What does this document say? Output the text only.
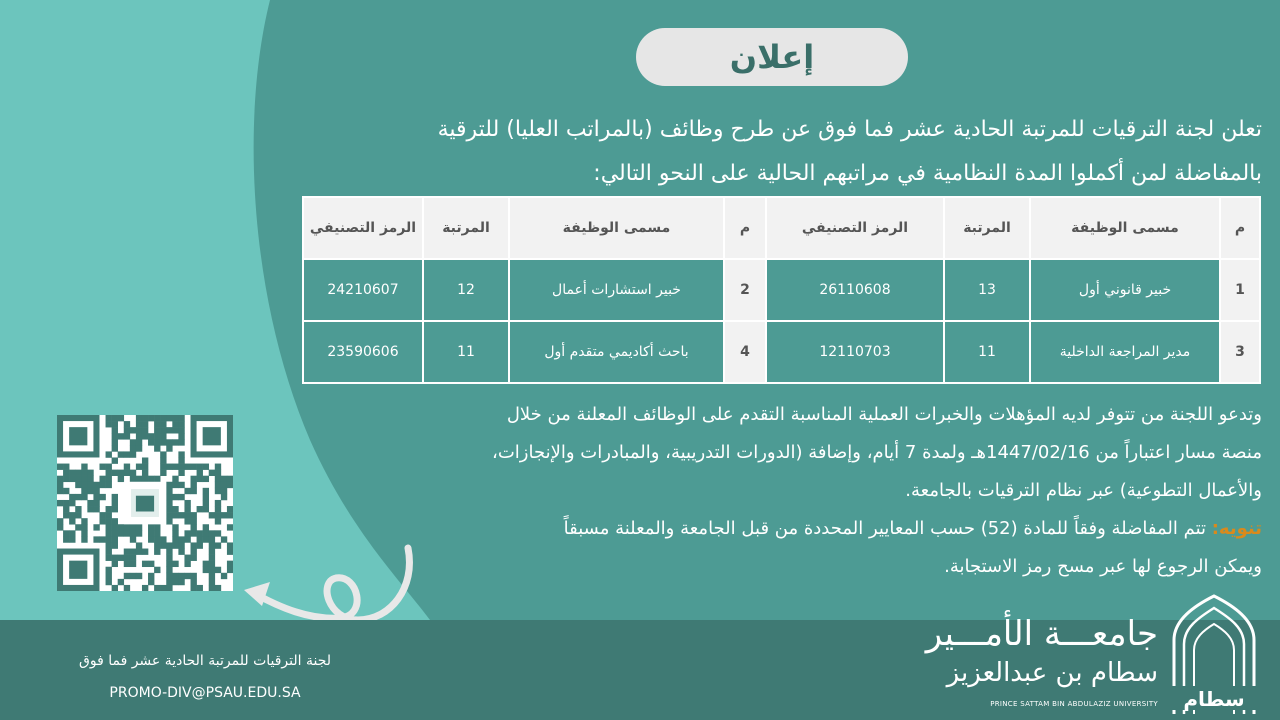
إعلان
تعلن لجنة الترقيات للمرتبة الحادية عشر فما فوق عن طرح وظائف (بالمراتب العليا) للترقية
بالمفاضلة لمن أكملوا المدة النظامية في مراتبهم الحالية على النحو التالي:
م	مسمى الوظيفة	المرتبة	الرمز التصنيفي	م	مسمى الوظيفة	المرتبة	الرمز التصنيفي
1	خبير قانوني أول	13	26110608	2	خبير استشارات أعمال	12	24210607
3	مدير المراجعة الداخلية	11	12110703	4	باحث أكاديمي متقدم أول	11	23590606
وتدعو اللجنة من تتوفر لديه المؤهلات والخبرات العملية المناسبة التقدم على الوظائف المعلنة من خلال
منصة مسار اعتباراً من 1447/02/16هـ ولمدة 7 أيام، وإضافة (الدورات التدريبية، والمبادرات والإنجازات،
والأعمال التطوعية) عبر نظام الترقيات بالجامعة.
تنويه: تتم المفاضلة وفقاً للمادة (52) حسب المعايير المحددة من قبل الجامعة والمعلنة مسبقاً
ويمكن الرجوع لها عبر مسح رمز الاستجابة.
لجنة الترقيات للمرتبة الحادية عشر فما فوق
PROMO-DIV@PSAU.EDU.SA
جامعـــة الأمـــير
سطام بن عبدالعزيز
PRINCE SATTAM BIN ABDULAZIZ UNIVERSITY سطام
